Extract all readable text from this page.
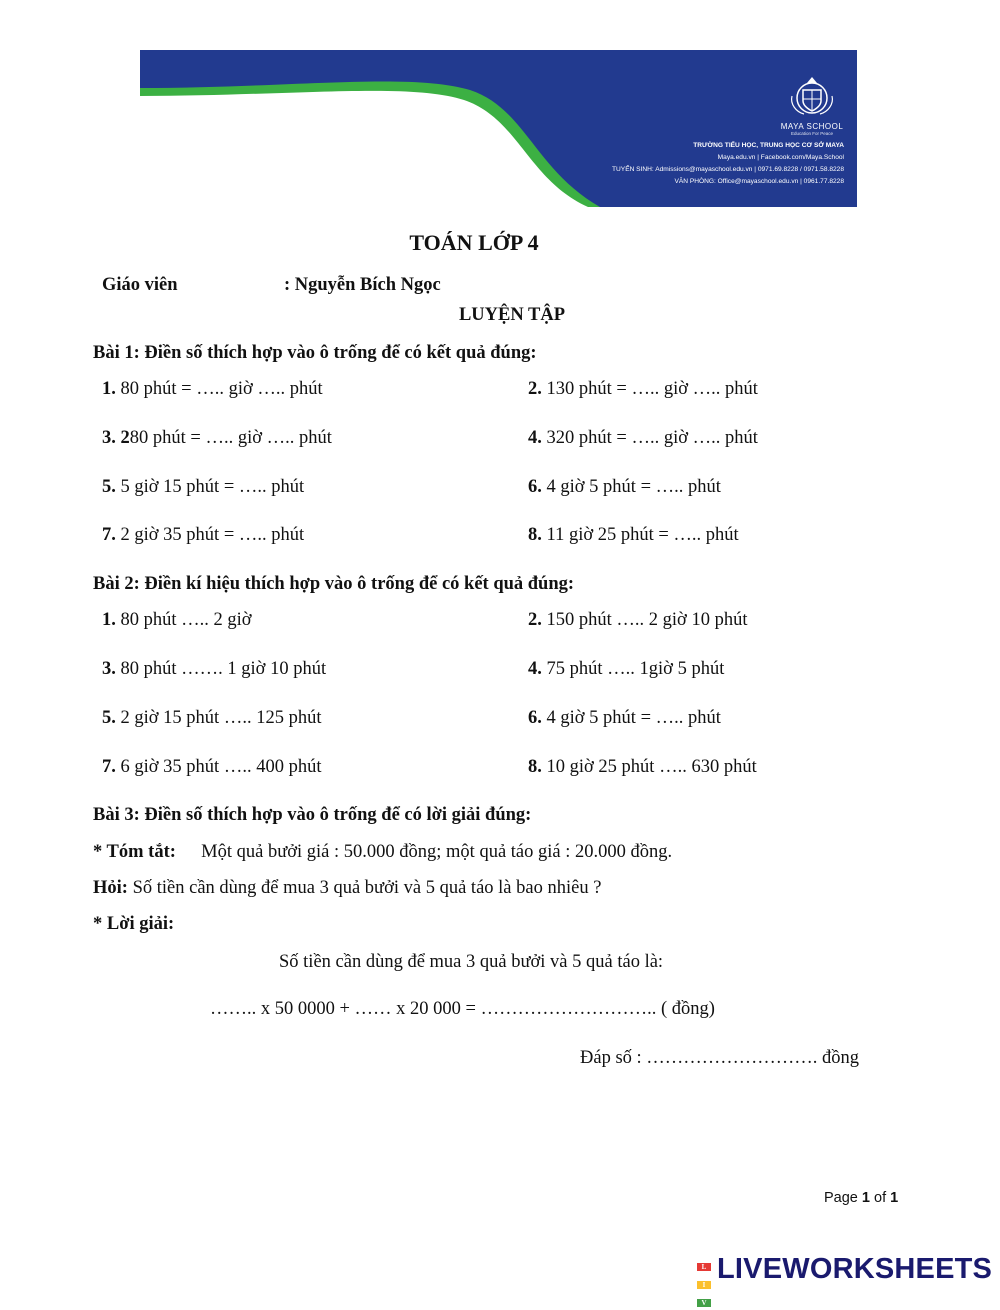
MAYA SCHOOL
Education For Peace
TRƯỜNG TIỂU HỌC, TRUNG HỌC CƠ SỞ MAYA
Maya.edu.vn | Facebook.com/Maya.School
TUYỂN SINH: Admissions@mayaschool.edu.vn | 0971.69.8228 / 0971.58.8228
VĂN PHÒNG: Office@mayaschool.edu.vn | 0961.77.8228
TOÁN LỚP 4
Giáo viên	: Nguyễn Bích Ngọc
LUYỆN TẬP
Bài 1: Điền số thích hợp vào ô trống để có kết quả đúng:
1. 80 phút = ….. giờ ….. phút	2. 130 phút = ….. giờ ….. phút
3. 280 phút = ….. giờ ….. phút	4. 320 phút = ….. giờ ….. phút
5. 5 giờ 15 phút = ….. phút	6. 4 giờ 5 phút = ….. phút
7. 2 giờ 35 phút = ….. phút	8. 11 giờ 25 phút = ….. phút
Bài 2: Điền kí hiệu thích hợp vào ô trống để có kết quả đúng:
1. 80 phút ….. 2 giờ	2. 150 phút ….. 2 giờ 10 phút
3. 80 phút ……. 1 giờ 10 phút	4. 75 phút ….. 1giờ 5 phút
5. 2 giờ 15 phút ….. 125 phút	6. 4 giờ 5 phút = ….. phút
7. 6 giờ 35 phút ….. 400 phút	8. 10 giờ 25 phút ….. 630 phút
Bài 3: Điền số thích hợp vào ô trống để có lời giải đúng:
* Tóm tắt: Một quả bưởi giá : 50.000 đồng; một quả táo giá : 20.000 đồng.
Hỏi: Số tiền cần dùng để mua 3 quả bưởi và 5 quả táo là bao nhiêu ?
* Lời giải:
Số tiền cần dùng để mua 3 quả bưởi và 5 quả táo là:
…….. x 50 0000 + …… x 20 000 = ……………………….. ( đồng)
Đáp số : ………………………. đồng
Page 1 of 1
L I V
LIVEWORKSHEETS
